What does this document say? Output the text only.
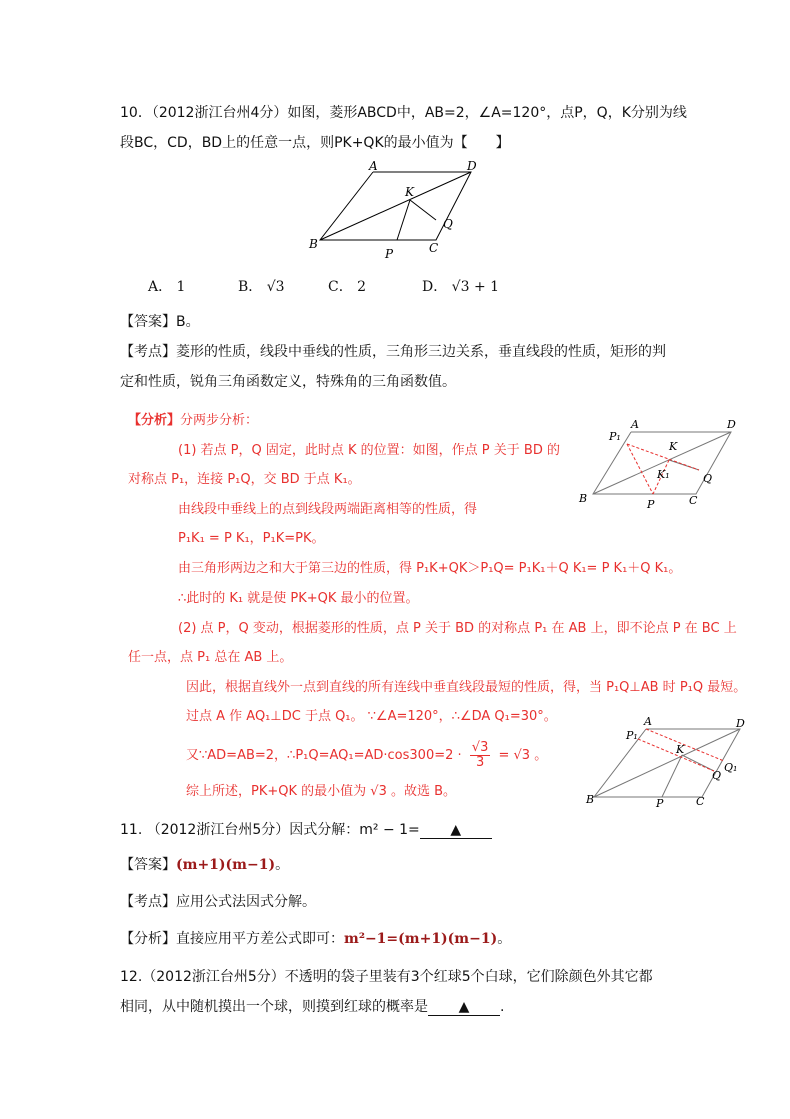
10．（2012浙江台州4分）如图，菱形ABCD中，AB=2，∠A=120°，点P，Q，K分别为线
段BC，CD，BD上的任意一点，则PK+QK的最小值为【　　】
A	D
K
Q
B	C
P
A． 1	B． √3	C． 2	D． √3 + 1
【答案】B。
【考点】菱形的性质，线段中垂线的性质，三角形三边关系，垂直线段的性质，矩形的判
定和性质，锐角三角函数定义，特殊角的三角函数值。
【分析】分两步分析：
(1) 若点 P，Q 固定，此时点 K 的位置：如图，作点 P 关于 BD 的
对称点 P₁，连接 P₁Q，交 BD 于点 K₁。
由线段中垂线上的点到线段两端距离相等的性质，得
P₁K₁ = P K₁，P₁K=PK。
由三角形两边之和大于第三边的性质，得 P₁K+QK＞P₁Q= P₁K₁＋Q K₁= P K₁＋Q K₁。
∴此时的 K₁ 就是使 PK+QK 最小的位置。
(2) 点 P，Q 变动，根据菱形的性质，点 P 关于 BD 的对称点 P₁ 在 AB 上，即不论点 P 在 BC 上
任一点，点 P₁ 总在 AB 上。
因此，根据直线外一点到直线的所有连线中垂直线段最短的性质，得，当 P₁Q⊥AB 时 P₁Q 最短。
过点 A 作 AQ₁⊥DC 于点 Q₁。 ∵∠A=120°，∴∠DA Q₁=30°。
又∵AD=AB=2，∴P₁Q=AQ₁=AD·cos300=2 · $\frac{√3}{3} = √3$ 。
综上所述，PK+QK 的最小值为 √3 。故选 B。
A	D
P₁
K
K₁	Q
B	C
P
A	D
P₁
K
Q₁
Q
B	C
P
11. （2012浙江台州5分）因式分解：m² − 1= ▲
【答案】(m+1)(m−1)。
【考点】应用公式法因式分解。
【分析】直接应用平方差公式即可：m²−1=(m+1)(m−1)。
12.（2012浙江台州5分）不透明的袋子里装有3个红球5个白球，它们除颜色外其它都
相同，从中随机摸出一个球，则摸到红球的概率是 ▲ .
